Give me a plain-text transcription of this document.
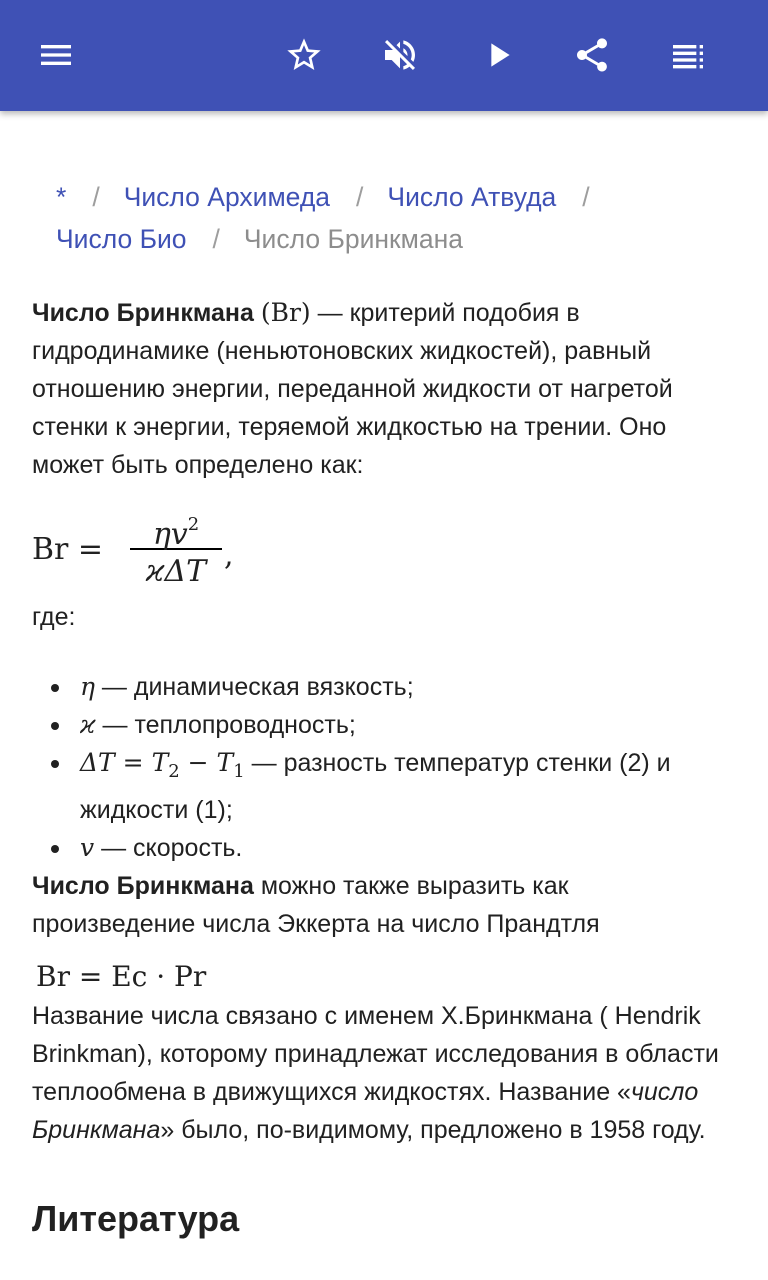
* / Число Архимеда / Число Атвуда /
Число Био / Число Бринкмана

Число Бринкмана (Br) — критерий подобия в гидродинамике (неньютоновских жидкостей), равный отношению энергии, переданной жидкости от нагретой стенки к энергии, теряемой жидкостью на трении. Оно может быть определено как:

Br =	$\eta v^2$
ϰΔT ,

где:

η — динамическая вязкость;
ϰ — теплопроводность;
$\Delta T = T_2 - T_1$ — разность температур стенки (2) и жидкости (1);
v — скорость.

Число Бринкмана можно также выразить как произведение числа Эккерта на число Прандтля

Br = Ec · Pr

Название числа связано с именем Х.Бринкмана ( Hendrik Brinkman), которому принадлежат исследования в области теплообмена в движущихся жидкостях. Название «число Бринкмана» было, по-видимому, предложено в 1958 году.

Литература
